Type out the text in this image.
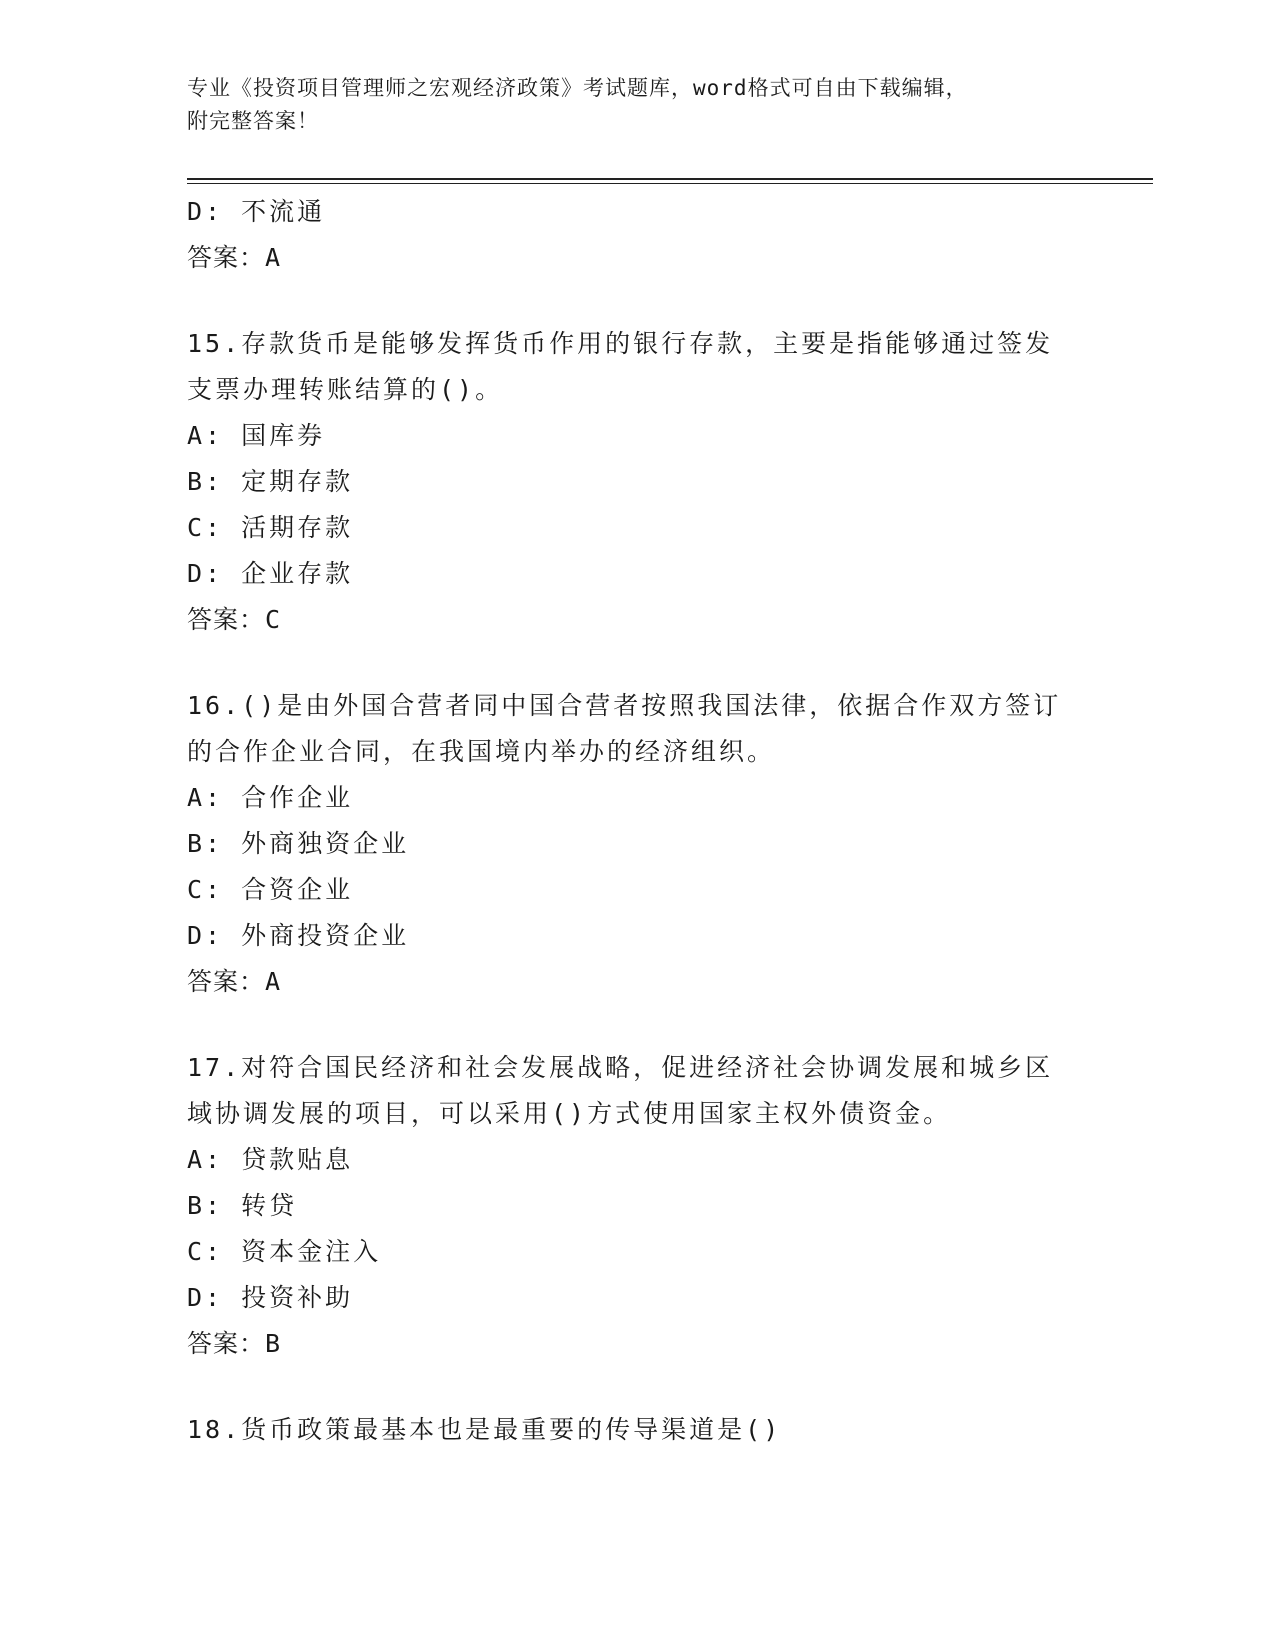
专业《投资项目管理师之宏观经济政策》考试题库，word格式可自由下载编辑，
附完整答案！
D: 不流通
答案：A
15.存款货币是能够发挥货币作用的银行存款，主要是指能够通过签发
支票办理转账结算的()。
A: 国库券
B: 定期存款
C: 活期存款
D: 企业存款
答案：C
16.()是由外国合营者同中国合营者按照我国法律，依据合作双方签订
的合作企业合同，在我国境内举办的经济组织。
A: 合作企业
B: 外商独资企业
C: 合资企业
D: 外商投资企业
答案：A
17.对符合国民经济和社会发展战略，促进经济社会协调发展和城乡区
域协调发展的项目，可以采用()方式使用国家主权外债资金。
A: 贷款贴息
B: 转贷
C: 资本金注入
D: 投资补助
答案：B
18.货币政策最基本也是最重要的传导渠道是()
